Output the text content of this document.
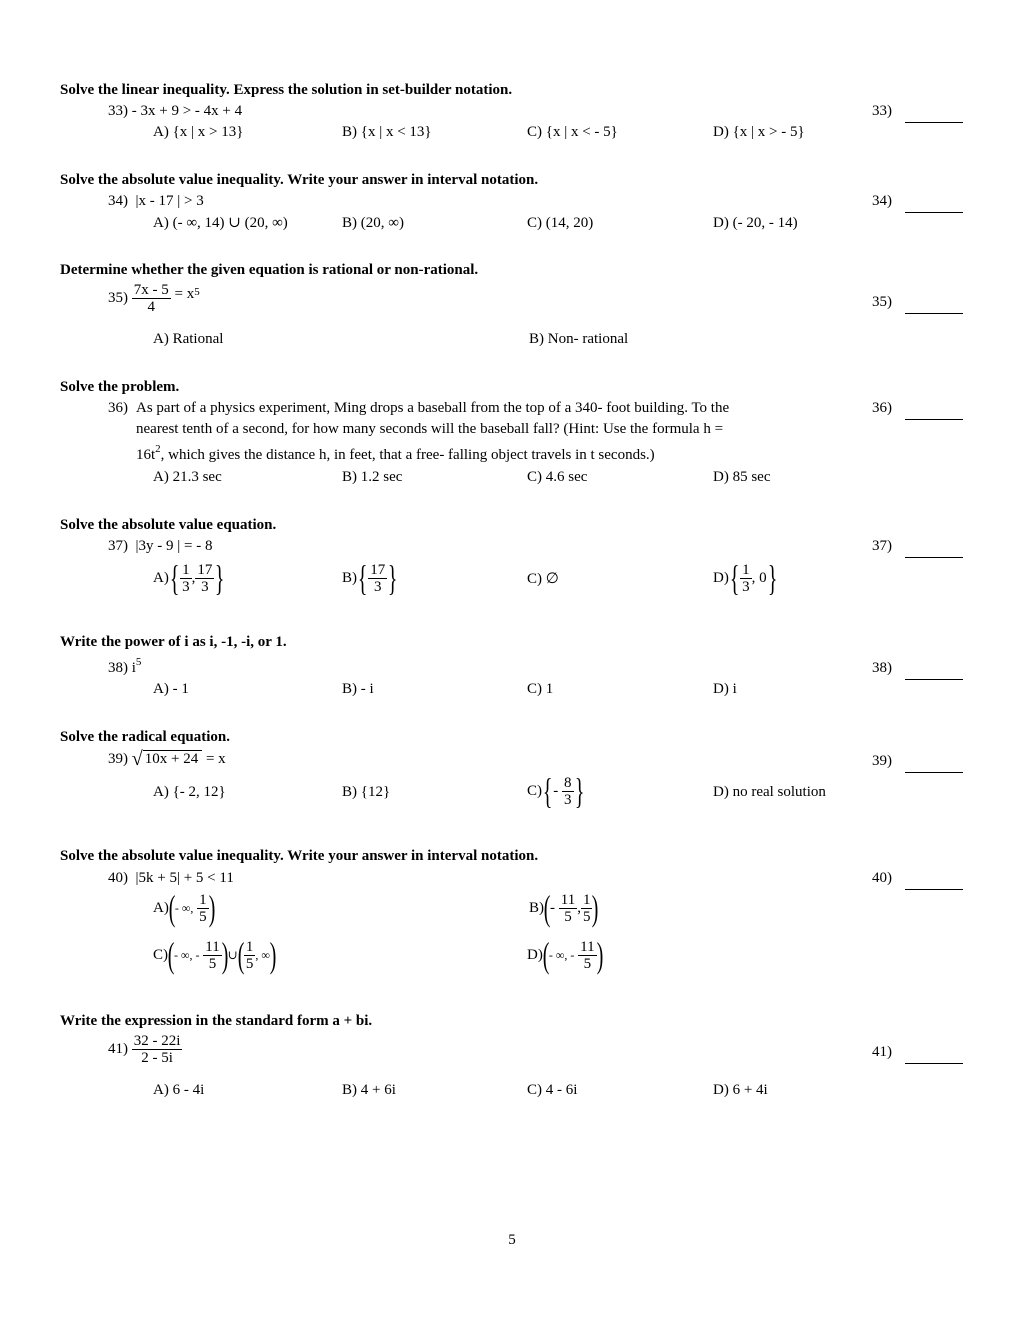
Solve the linear inequality. Express the solution in set-builder notation.
33) - 3x + 9 > - 4x + 4	33)
A) {x | x > 13}	B) {x | x < 13}	C) {x | x < - 5}	D) {x | x > - 5}
Solve the absolute value inequality. Write your answer in interval notation.
34) |x - 17 | > 3	34)
A) (- ∞, 14) ∪ (20, ∞)	B) (20, ∞)	C) (14, 20)	D) (- 20, - 14)
Determine whether the given equation is rational or non-rational.
35)
$\frac{7x - 5}{4}$
= x 5
35)
A) Rational	B) Non- rational
Solve the problem.
36) As part of a physics experiment, Ming drops a baseball from the top of a 340- foot building. To the
nearest tenth of a second, for how many seconds will the baseball fall? (Hint: Use the formula h =
$16t^2$, which gives the distance h, in feet, that a free- falling object travels in t seconds.)
36)
A) 21.3 sec	B) 1.2 sec	C) 4.6 sec	D) 85 sec
Solve the absolute value equation.
37) |3y - 9 | = - 8	37)
A) { $\frac{1}{3}$ , $\frac{17}{3}$ }	B) { $\frac{17}{3}$ }	C) ∅	D) { $\frac{1}{3}$ , 0 }
Write the power of i as i, -1, -i, or 1.
38) $i^5$	38)
A) - 1	B) - i	C) 1	D) i
Solve the radical equation.
39)
√ 10x + 24
= x	39)
A) {- 2, 12}	B) {12}	C) { -
$\frac{8}{3}$ }	D) no real solution
Solve the absolute value inequality. Write your answer in interval notation.
40) |5k + 5| + 5 < 11	40)
A) ( - ∞,
$\frac{1}{5}$ )	B) ( -
$\frac{11}{5}$ , $\frac{1}{5}$ )
C) ( - ∞, -
$\frac{11}{5}$ ) ∪ ( $\frac{1}{5}$ , ∞ )	D) ( - ∞, -
$\frac{11}{5}$ )
Write the expression in the standard form a + bi.
41)
$\frac{32 - 22i}{2 - 5i}$	41)
A) 6 - 4i	B) 4 + 6i	C) 4 - 6i	D) 6 + 4i
5
